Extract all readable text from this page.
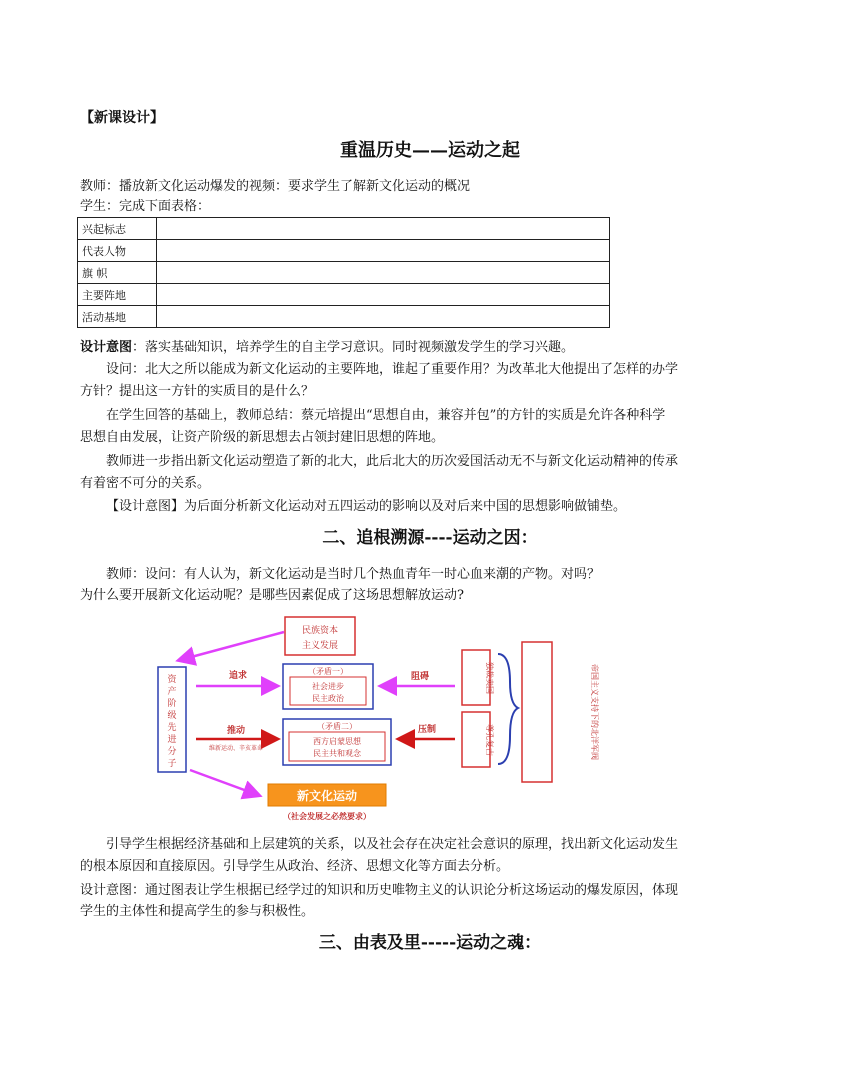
【新课设计】
重温历史——运动之起
教师：播放新文化运动爆发的视频：要求学生了解新文化运动的概况
学生：完成下面表格：
兴起标志	
代表人物	
旗 帜	
主要阵地	
活动基地	
设计意图：落实基础知识，培养学生的自主学习意识。同时视频激发学生的学习兴趣。
设问：北大之所以能成为新文化运动的主要阵地，谁起了重要作用？为改革北大他提出了怎样的办学
方针？提出这一方针的实质目的是什么？
在学生回答的基础上，教师总结：蔡元培提出“思想自由，兼容并包”的方针的实质是允许各种科学
思想自由发展，让资产阶级的新思想去占领封建旧思想的阵地。
教师进一步指出新文化运动塑造了新的北大，此后北大的历次爱国活动无不与新文化运动精神的传承
有着密不可分的关系。
【设计意图】为后面分析新文化运动对五四运动的影响以及对后来中国的思想影响做铺垫。
二、追根溯源----运动之因：
教师：设问：有人认为，新文化运动是当时几个热血青年一时心血来潮的产物。对吗？
为什么要开展新文化运动呢？是哪些因素促成了这场思想解放运动?
民族资本
主义发展
资产阶级先进分子
（矛盾一）
社会进步
民主政治
（矛盾二）
西方启蒙思想
民主共和观念
追求
推动
维新运动、辛亥革命
阻碍
压制
独裁卖国
尊孔复古	帝国主义支持下的北洋军阀
新文化运动
（社会发展之必然要求）
引导学生根据经济基础和上层建筑的关系，以及社会存在决定社会意识的原理，找出新文化运动发生
的根本原因和直接原因。引导学生从政治、经济、思想文化等方面去分析。
设计意图：通过图表让学生根据已经学过的知识和历史唯物主义的认识论分析这场运动的爆发原因，体现
学生的主体性和提高学生的参与积极性。
三、由表及里-----运动之魂：
